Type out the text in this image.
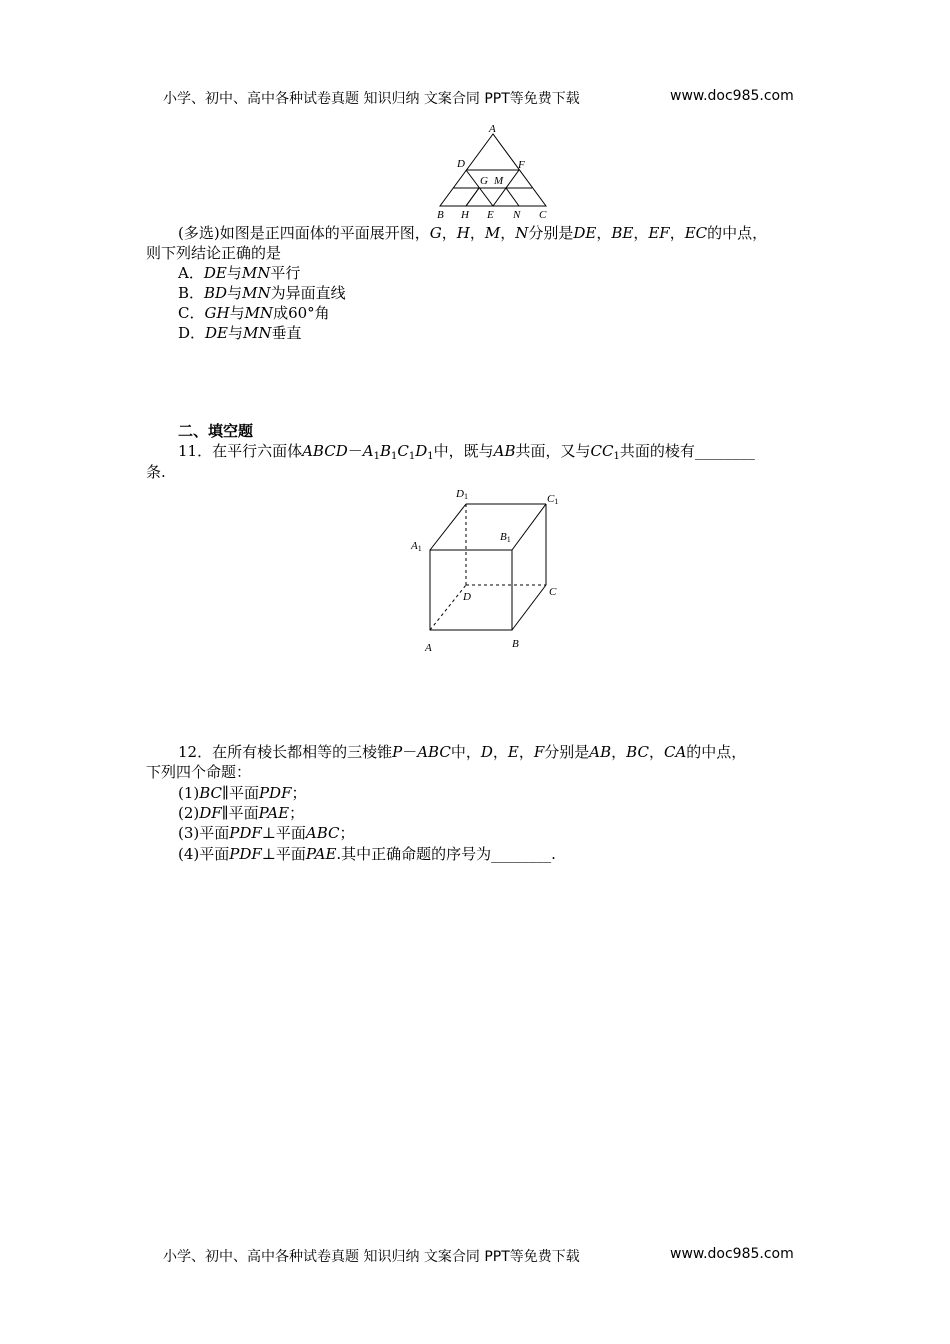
小学、初中、高中各种试卷真题 知识归纳 文案合同 PPT等免费下载	www.doc985.com
A
D	F
G M
B H E N C
(多选)如图是正四面体的平面展开图，G，H，M，N分别是DE，BE，EF，EC的中点，
则下列结论正确的是
A．DE与MN平行
B．BD与MN为异面直线
C．GH与MN成60°角
D．DE与MN垂直
二、填空题
11．在平行六面体$ABCD-A_1B_1C_1D_1$中，既与AB共面，又与$CC_1$共面的棱有________
条.
D1	C1
A1
B1
D	C
A	B
12．在所有棱长都相等的三棱锥P－ABC中，D，E，F分别是AB，BC，CA的中点，
下列四个命题：
(1)BC∥平面PDF；
(2)DF∥平面PAE；
(3)平面PDF⊥平面ABC；
(4)平面PDF⊥平面PAE.其中正确命题的序号为________.
小学、初中、高中各种试卷真题 知识归纳 文案合同 PPT等免费下载	www.doc985.com
